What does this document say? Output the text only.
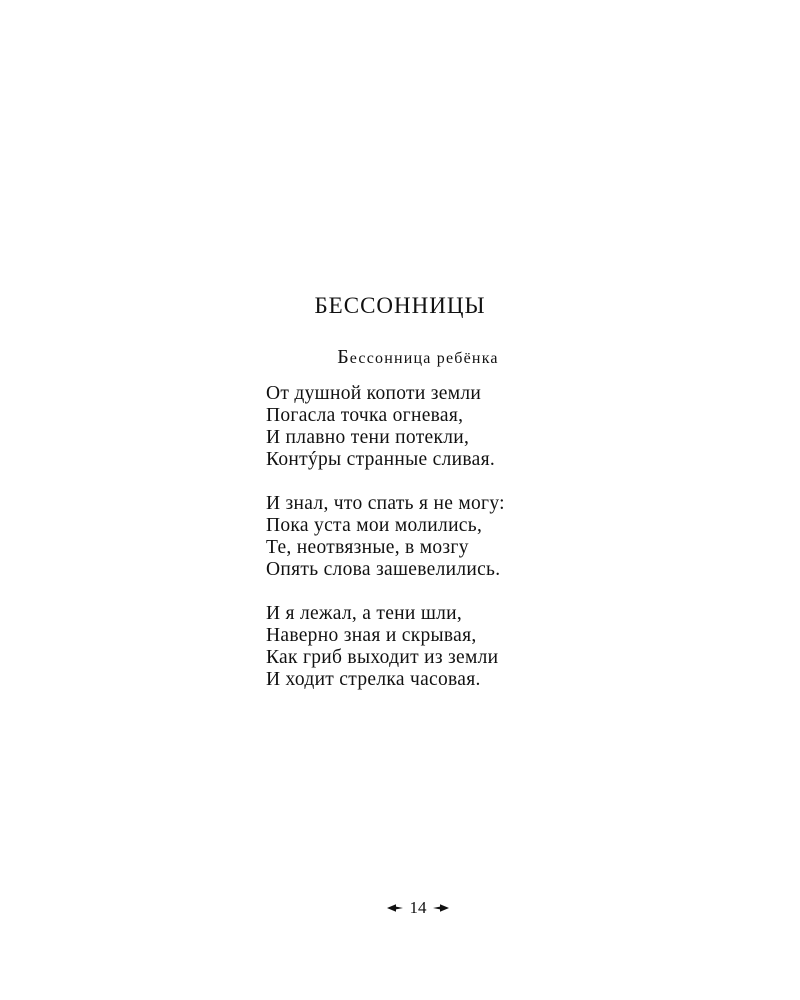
БЕССОННИЦЫ
Бессонница ребёнка
От душной копоти земли
Погасла точка огневая,
И плавно тени потекли,
Контýры странные сливая.
И знал, что спать я не могу:
Пока уста мои молились,
Те, неотвязные, в мозгу
Опять слова зашевелились.
И я лежал, а тени шли,
Наверно зная и скрывая,
Как гриб выходит из земли
И ходит стрелка часовая.
14
